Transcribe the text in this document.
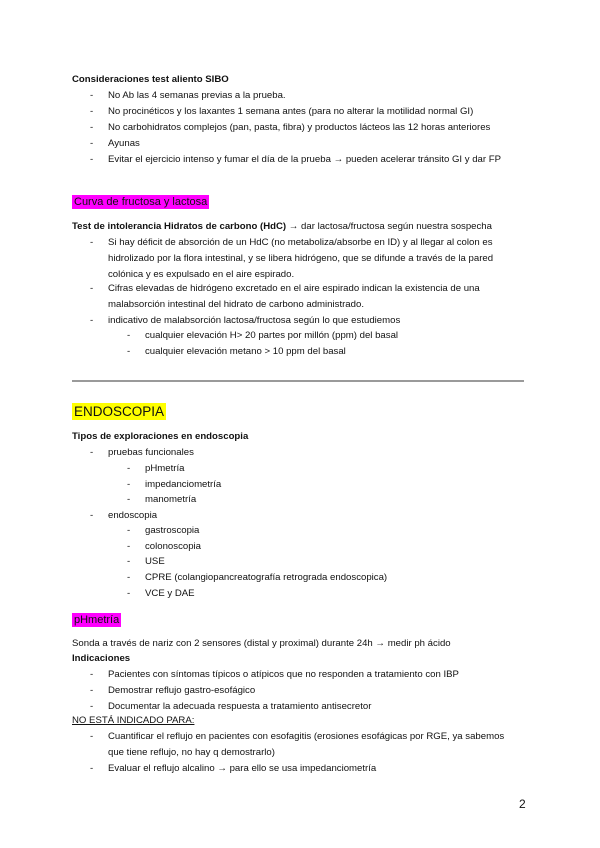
Consideraciones test aliento SIBO
- No Ab las 4 semanas previas a la prueba.
- No procinéticos y los laxantes 1 semana antes (para no alterar la motilidad normal GI)
- No carbohidratos complejos (pan, pasta, fibra) y productos lácteos las 12 horas anteriores
- Ayunas
- Evitar el ejercicio intenso y fumar el día de la prueba → pueden acelerar tránsito GI y dar FP
Curva de fructosa y lactosa
Test de intolerancia Hidratos de carbono (HdC) → dar lactosa/fructosa según nuestra sospecha
- Si hay déficit de absorción de un HdC (no metaboliza/absorbe en ID) y al llegar al colon es
hidrolizado por la flora intestinal, y se libera hidrógeno, que se difunde a través de la pared
colónica y es expulsado en el aire espirado.
- Cifras elevadas de hidrógeno excretado en el aire espirado indican la existencia de una
malabsorción intestinal del hidrato de carbono administrado.
- indicativo de malabsorción lactosa/fructosa según lo que estudiemos
- cualquier elevación H> 20 partes por millón (ppm) del basal
- cualquier elevación metano > 10 ppm del basal
ENDOSCOPIA
Tipos de exploraciones en endoscopia
- pruebas funcionales
- pHmetría
- impedanciometría
- manometría
- endoscopia
- gastroscopia
- colonoscopia
- USE
- CPRE (colangiopancreatografía retrograda endoscopica)
- VCE y DAE
pHmetría
Sonda a través de nariz con 2 sensores (distal y proximal) durante 24h → medir ph ácido
Indicaciones
- Pacientes con síntomas típicos o atípicos que no responden a tratamiento con IBP
- Demostrar reflujo gastro-esofágico
- Documentar la adecuada respuesta a tratamiento antisecretor
NO ESTÁ INDICADO PARA:
- Cuantificar el reflujo en pacientes con esofagitis (erosiones esofágicas por RGE, ya sabemos
que tiene reflujo, no hay q demostrarlo)
- Evaluar el reflujo alcalino → para ello se usa impedanciometría
2
